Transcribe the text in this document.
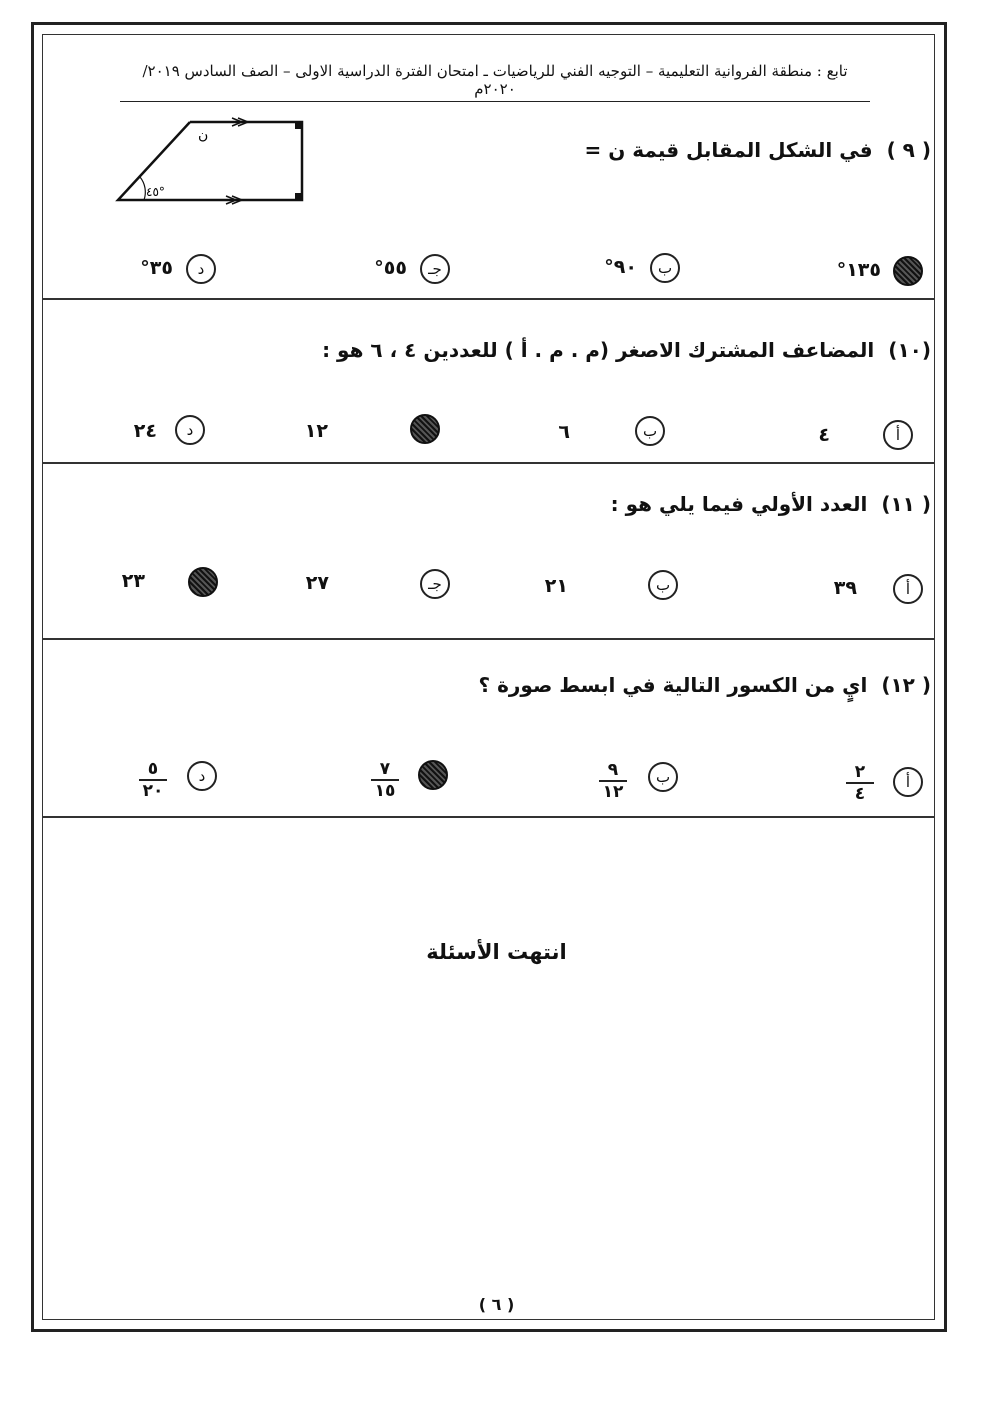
تابع : منطقة الفروانية التعليمية – التوجيه الفني للرياضيات ـ امتحان الفترة الدراسية الاولى – الصف السادس ٢٠١٩/ ٢٠٢٠م
( ٩ )في الشكل المقابل قيمة ن =
ن
٤٥°
١٣٥°
ب
٩٠°
جـ
٥٥°
د
٣٥°
(١٠)المضاعف المشترك الاصغر (م . م . أ ) للعددين ٤ ، ٦ هو :
أ
٤
ب
٦
١٢
د
٢٤
( ١١)العدد الأولي فيما يلي هو :
أ
٣٩
ب
٢١
جـ
٢٧
٢٣
( ١٢)ايٍ من الكسور التالية في ابسط صورة ؟
أ
٢
٤
ب
٩
١٢
٧
١٥
د
٥
٢٠
انتهت الأسئلة
( ٦ )
